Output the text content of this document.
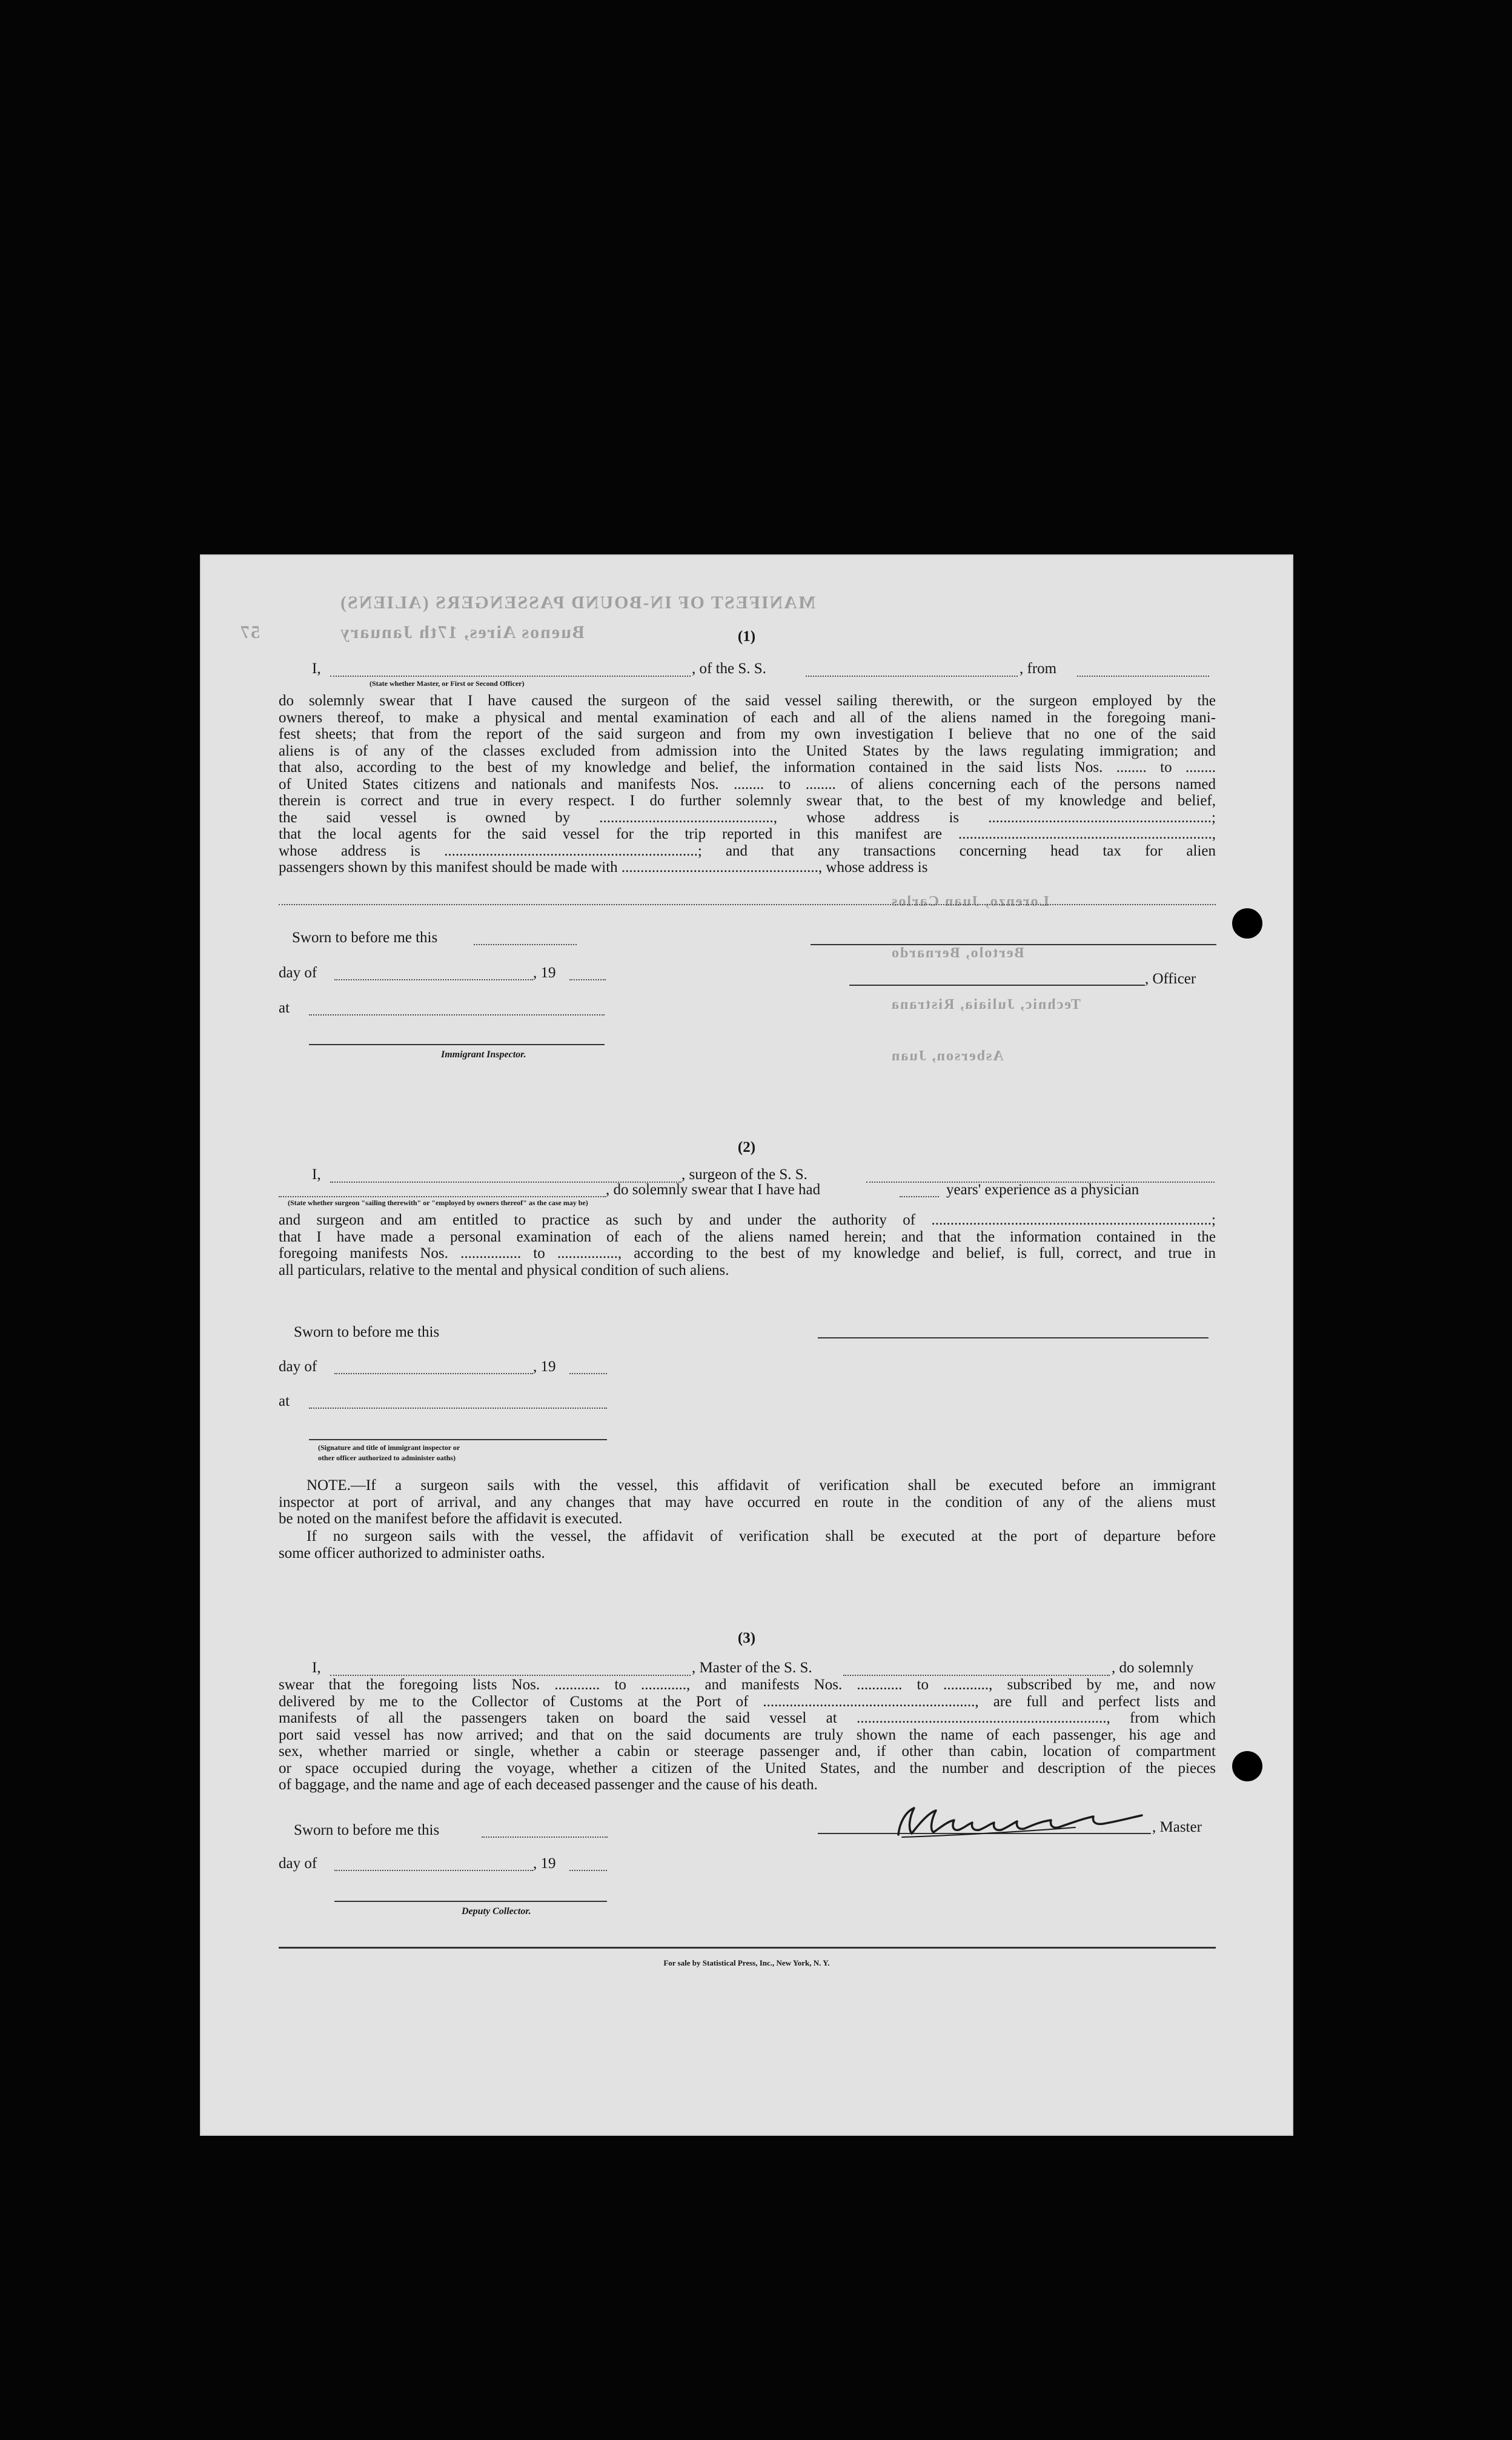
MANIFEST OF IN-BOUND PASSENGERS (ALIENS)
Buenos Aires, 17th January
57
Lorenzo, Juan Carlos
Bertolo, Bernardo
Technic, Juliaia, Ristrana
Asberson, Juan
(1)
I,	, of the S. S.	, from
(State whether Master, or First or Second Officer)
do solemnly swear that I have caused the surgeon of the said vessel sailing therewith, or the surgeon employed by the
owners thereof, to make a physical and mental examination of each and all of the aliens named in the foregoing mani-
fest sheets; that from the report of the said surgeon and from my own investigation I believe that no one of the said
aliens is of any of the classes excluded from admission into the United States by the laws regulating immigration; and
that also, according to the best of my knowledge and belief, the information contained in the said lists Nos. ........ to ........
of United States citizens and nationals and manifests Nos. ........ to ........ of aliens concerning each of the persons named
therein is correct and true in every respect. I do further solemnly swear that, to the best of my knowledge and belief,
the said vessel is owned by .............................................., whose address is ...........................................................;
that the local agents for the said vessel for the trip reported in this manifest are ...................................................................,
whose address is ...................................................................; and that any transactions concerning head tax for alien
passengers shown by this manifest should be made with ...................................................., whose address is
Sworn to before me this
day of	, 19
at
Immigrant Inspector.
, Officer
(2)
I,	, surgeon of the S. S.
, do solemnly swear that I have had	years' experience as a physician
(State whether surgeon "sailing therewith" or "employed by owners thereof" as the case may be)
and surgeon and am entitled to practice as such by and under the authority of ..........................................................................;
that I have made a personal examination of each of the aliens named herein; and that the information contained in the
foregoing manifests Nos. ................ to ................, according to the best of my knowledge and belief, is full, correct, and true in
all particulars, relative to the mental and physical condition of such aliens.
Sworn to before me this
day of	, 19
at
(Signature and title of immigrant inspector or
other officer authorized to administer oaths)
NOTE.—If a surgeon sails with the vessel, this affidavit of verification shall be executed before an immigrant
inspector at port of arrival, and any changes that may have occurred en route in the condition of any of the aliens must
be noted on the manifest before the affidavit is executed.
If no surgeon sails with the vessel, the affidavit of verification shall be executed at the port of departure before
some officer authorized to administer oaths.
(3)
I,	, Master of the S. S.	, do solemnly
swear that the foregoing lists Nos. ............ to ............, and manifests Nos. ............ to ............, subscribed by me, and now
delivered by me to the Collector of Customs at the Port of ........................................................, are full and perfect lists and
manifests of all the passengers taken on board the said vessel at .................................................................., from which
port said vessel has now arrived; and that on the said documents are truly shown the name of each passenger, his age and
sex, whether married or single, whether a cabin or steerage passenger and, if other than cabin, location of compartment
or space occupied during the voyage, whether a citizen of the United States, and the number and description of the pieces
of baggage, and the name and age of each deceased passenger and the cause of his death.
Sworn to before me this
day of	, 19
Deputy Collector.
, Master
For sale by Statistical Press, Inc., New York, N. Y.
